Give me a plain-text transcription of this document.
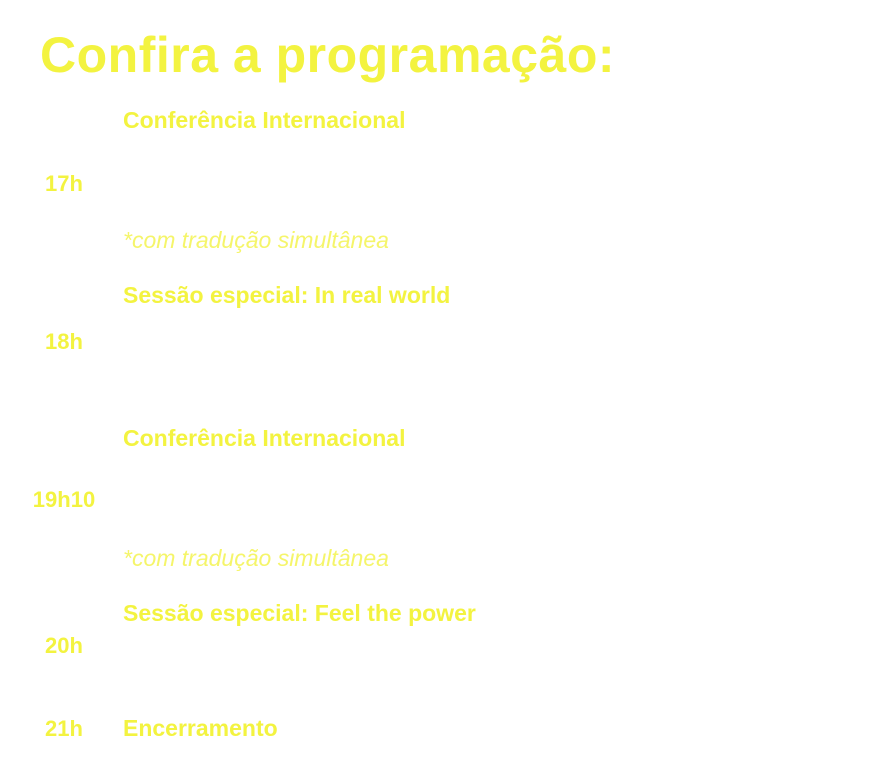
Confira a programação:
Conferência Internacional
17h
*com tradução simultânea
Sessão especial: In real world
18h
Conferência Internacional
19h10
*com tradução simultânea
Sessão especial: Feel the power
20h
21h	Encerramento
